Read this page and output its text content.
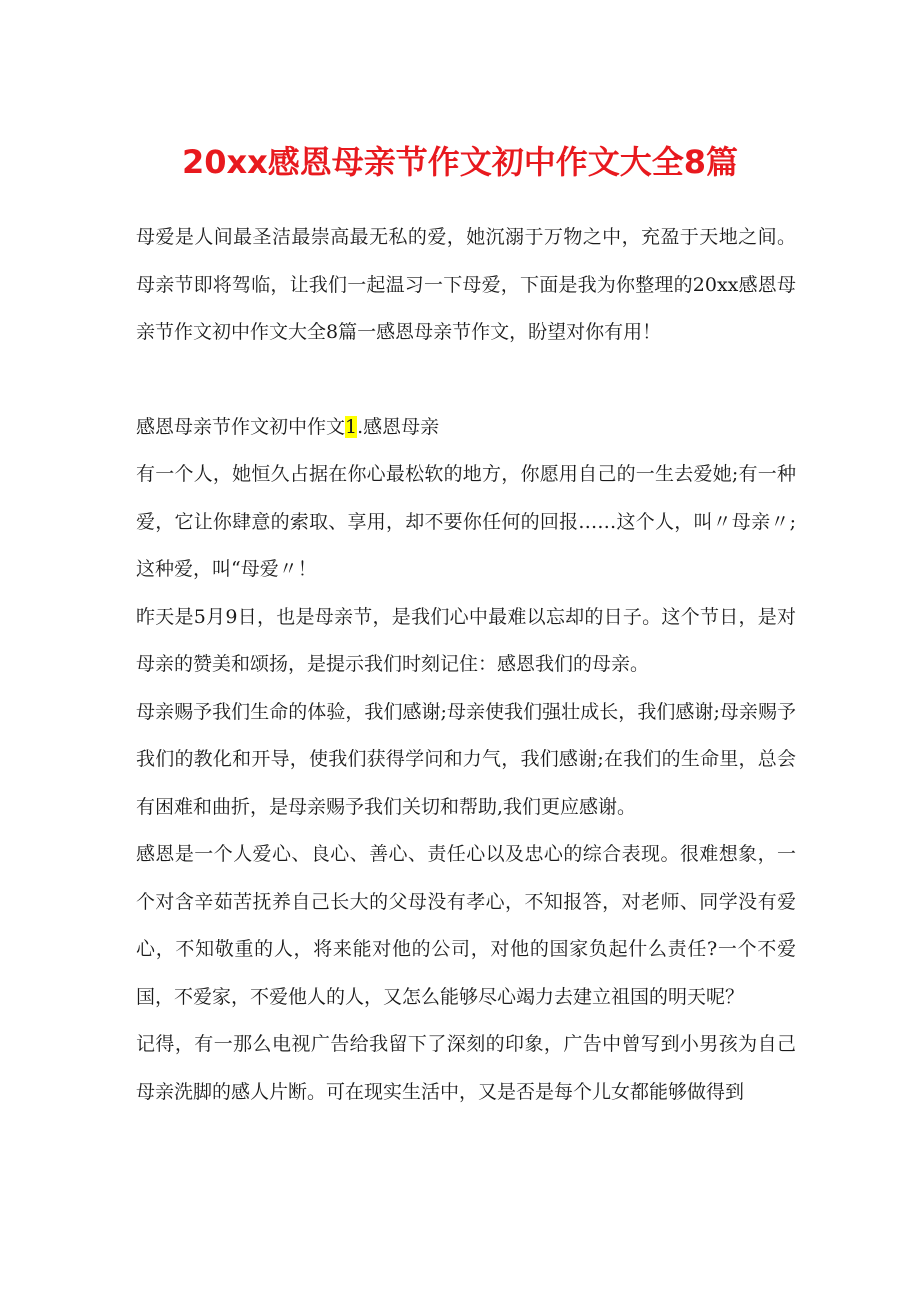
20xx感恩母亲节作文初中作文大全8篇

母爱是人间最圣洁最崇高最无私的爱，她沉溺于万物之中，充盈于天地之间。母亲节即将驾临，让我们一起温习一下母爱，下面是我为你整理的20xx感恩母亲节作文初中作文大全8篇一感恩母亲节作文，盼望对你有用！

感恩母亲节作文初中作文1.感恩母亲

有一个人，她恒久占据在你心最松软的地方，你愿用自己的一生去爱她;有一种爱，它让你肆意的索取、享用，却不要你任何的回报……这个人，叫〃母亲〃;这种爱，叫“母爱〃！

昨天是5月9日，也是母亲节，是我们心中最难以忘却的日子。这个节日，是对母亲的赞美和颂扬，是提示我们时刻记住：感恩我们的母亲。

母亲赐予我们生命的体验，我们感谢;母亲使我们强壮成长，我们感谢;母亲赐予我们的教化和开导，使我们获得学问和力气，我们感谢;在我们的生命里，总会有困难和曲折，是母亲赐予我们关切和帮助,我们更应感谢。

感恩是一个人爱心、良心、善心、责任心以及忠心的综合表现。很难想象，一个对含辛茹苦抚养自己长大的父母没有孝心，不知报答，对老师、同学没有爱心，不知敬重的人，将来能对他的公司，对他的国家负起什么责任?一个不爱国，不爱家，不爱他人的人，又怎么能够尽心竭力去建立祖国的明天呢？

记得，有一那么电视广告给我留下了深刻的印象，广告中曾写到小男孩为自己母亲洗脚的感人片断。可在现实生活中，又是否是每个儿女都能够做得到
